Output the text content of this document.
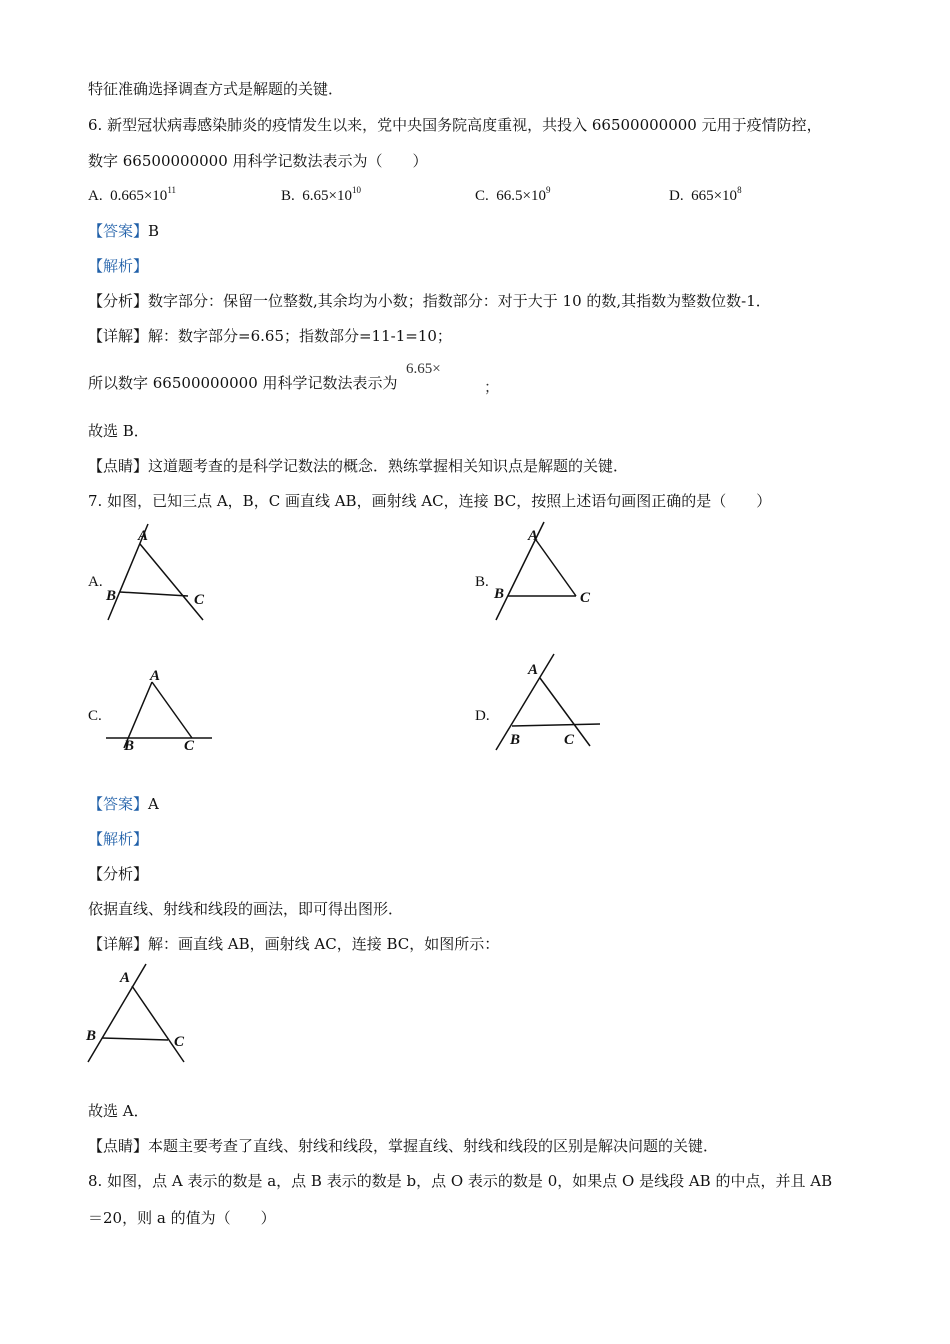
特征准确选择调查方式是解题的关键．
6. 新型冠状病毒感染肺炎的疫情发生以来，党中央国务院高度重视，共投入 66500000000 元用于疫情防控，
数字 66500000000 用科学记数法表示为（　　）
A. $0.665\times 10^{11}$	B. $6.65\times 10^{10}$	C. $66.5\times 10^9$	D. $665\times 10^8$
【答案】B
【解析】
【分析】数字部分：保留一位整数,其余均为小数；指数部分：对于大于 10 的数,其指数为整数位数-1．
【详解】解：数字部分=6.65；指数部分=11-1=10；
所以数字 66500000000 用科学记数法表示为
6.65×
；
故选 B．
【点睛】这道题考查的是科学记数法的概念．熟练掌握相关知识点是解题的关键．
7. 如图，已知三点 A，B，C 画直线 AB，画射线 AC，连接 BC，按照上述语句画图正确的是（　　）
A.
A
B	C
B.
A
B	C
C.
A
B	C
D.
A
B	C
【答案】A
【解析】
【分析】
依据直线、射线和线段的画法，即可得出图形．
【详解】解：画直线 AB，画射线 AC，连接 BC，如图所示：
A
B	C
故选 A．
【点睛】本题主要考查了直线、射线和线段，掌握直线、射线和线段的区别是解决问题的关键．
8. 如图，点 A 表示的数是 a，点 B 表示的数是 b，点 O 表示的数是 0，如果点 O 是线段 AB 的中点，并且 AB
＝20，则 a 的值为（　　）
